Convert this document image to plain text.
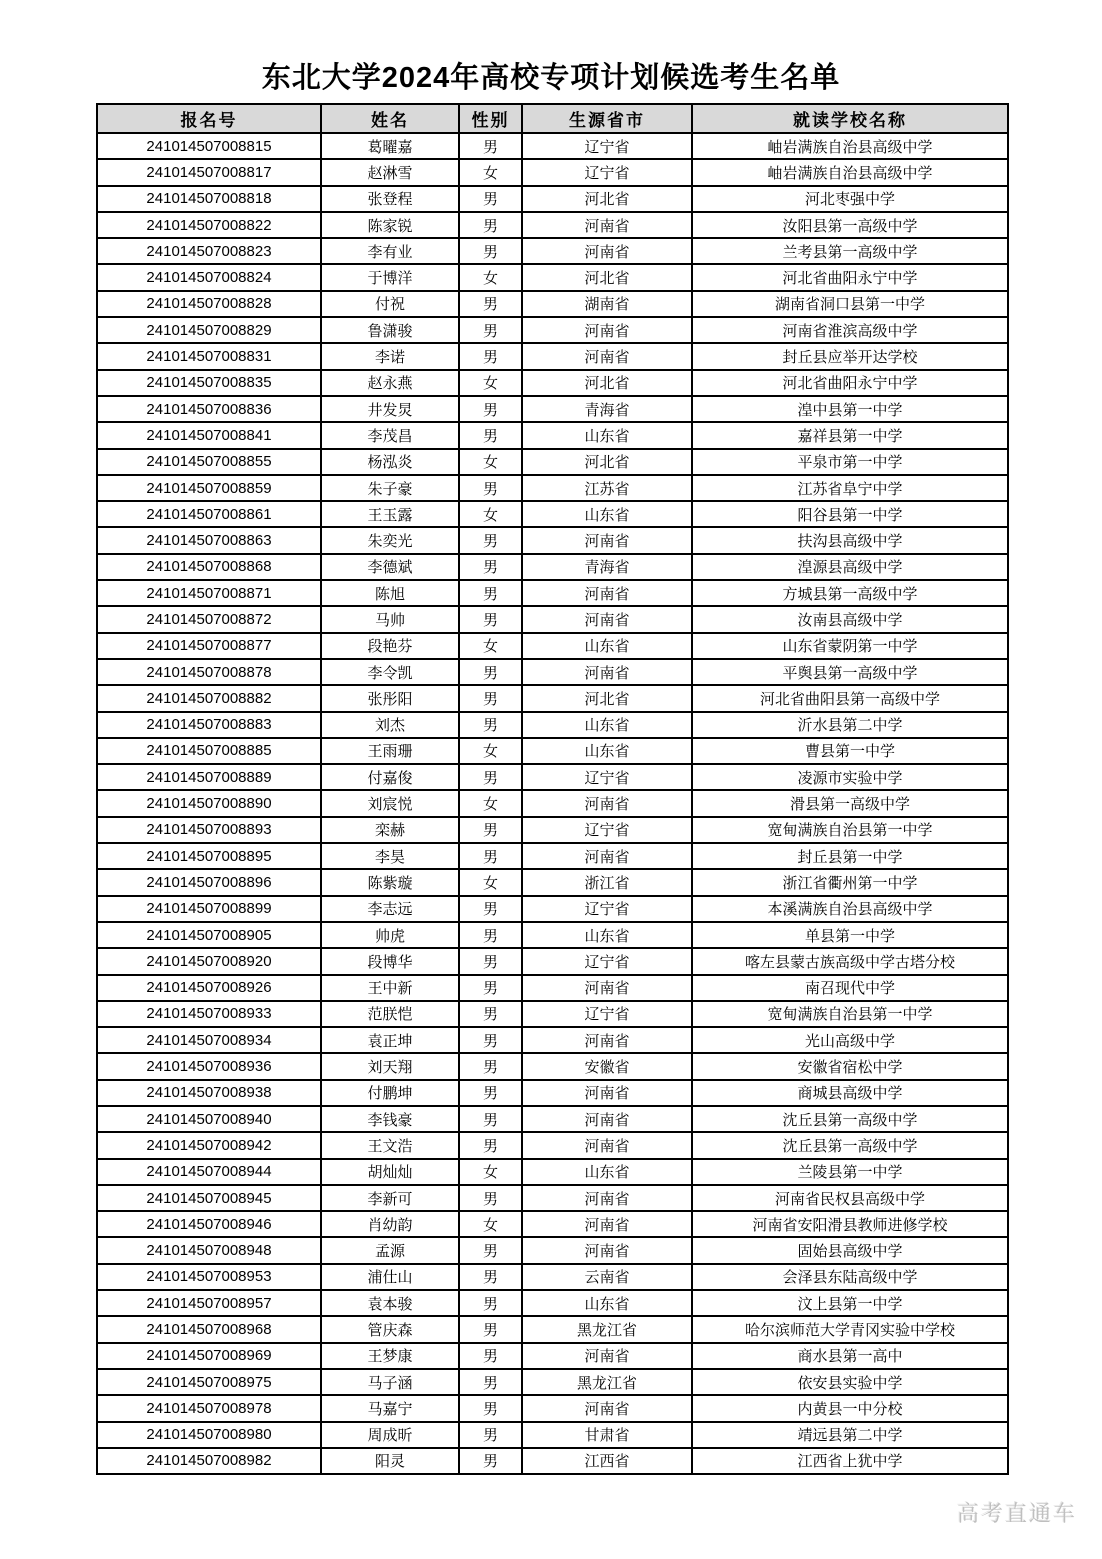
东北大学2024年高校专项计划候选考生名单
报名号	姓名	性别	生源省市	就读学校名称
241014507008815	葛曜嘉	男	辽宁省	岫岩满族自治县高级中学
241014507008817	赵淋雪	女	辽宁省	岫岩满族自治县高级中学
241014507008818	张登程	男	河北省	河北枣强中学
241014507008822	陈家锐	男	河南省	汝阳县第一高级中学
241014507008823	李有业	男	河南省	兰考县第一高级中学
241014507008824	于博洋	女	河北省	河北省曲阳永宁中学
241014507008828	付祝	男	湖南省	湖南省洞口县第一中学
241014507008829	鲁潇骏	男	河南省	河南省淮滨高级中学
241014507008831	李诺	男	河南省	封丘县应举开达学校
241014507008835	赵永燕	女	河北省	河北省曲阳永宁中学
241014507008836	井发炅	男	青海省	湟中县第一中学
241014507008841	李茂昌	男	山东省	嘉祥县第一中学
241014507008855	杨泓炎	女	河北省	平泉市第一中学
241014507008859	朱子豪	男	江苏省	江苏省阜宁中学
241014507008861	王玉露	女	山东省	阳谷县第一中学
241014507008863	朱奕光	男	河南省	扶沟县高级中学
241014507008868	李德斌	男	青海省	湟源县高级中学
241014507008871	陈旭	男	河南省	方城县第一高级中学
241014507008872	马帅	男	河南省	汝南县高级中学
241014507008877	段艳芬	女	山东省	山东省蒙阴第一中学
241014507008878	李令凯	男	河南省	平舆县第一高级中学
241014507008882	张彤阳	男	河北省	河北省曲阳县第一高级中学
241014507008883	刘杰	男	山东省	沂水县第二中学
241014507008885	王雨珊	女	山东省	曹县第一中学
241014507008889	付嘉俊	男	辽宁省	凌源市实验中学
241014507008890	刘宸悦	女	河南省	滑县第一高级中学
241014507008893	栾赫	男	辽宁省	宽甸满族自治县第一中学
241014507008895	李昊	男	河南省	封丘县第一中学
241014507008896	陈紫璇	女	浙江省	浙江省衢州第一中学
241014507008899	李志远	男	辽宁省	本溪满族自治县高级中学
241014507008905	帅虎	男	山东省	单县第一中学
241014507008920	段博华	男	辽宁省	喀左县蒙古族高级中学古塔分校
241014507008926	王中新	男	河南省	南召现代中学
241014507008933	范朕恺	男	辽宁省	宽甸满族自治县第一中学
241014507008934	袁正坤	男	河南省	光山高级中学
241014507008936	刘天翔	男	安徽省	安徽省宿松中学
241014507008938	付鹏坤	男	河南省	商城县高级中学
241014507008940	李钱豪	男	河南省	沈丘县第一高级中学
241014507008942	王文浩	男	河南省	沈丘县第一高级中学
241014507008944	胡灿灿	女	山东省	兰陵县第一中学
241014507008945	李新可	男	河南省	河南省民权县高级中学
241014507008946	肖幼韵	女	河南省	河南省安阳滑县教师进修学校
241014507008948	孟源	男	河南省	固始县高级中学
241014507008953	浦仕山	男	云南省	会泽县东陆高级中学
241014507008957	袁本骏	男	山东省	汶上县第一中学
241014507008968	管庆森	男	黑龙江省	哈尔滨师范大学青冈实验中学校
241014507008969	王梦康	男	河南省	商水县第一高中
241014507008975	马子涵	男	黑龙江省	依安县实验中学
241014507008978	马嘉宁	男	河南省	内黄县一中分校
241014507008980	周成昕	男	甘肃省	靖远县第二中学
241014507008982	阳灵	男	江西省	江西省上犹中学
高考直通车
